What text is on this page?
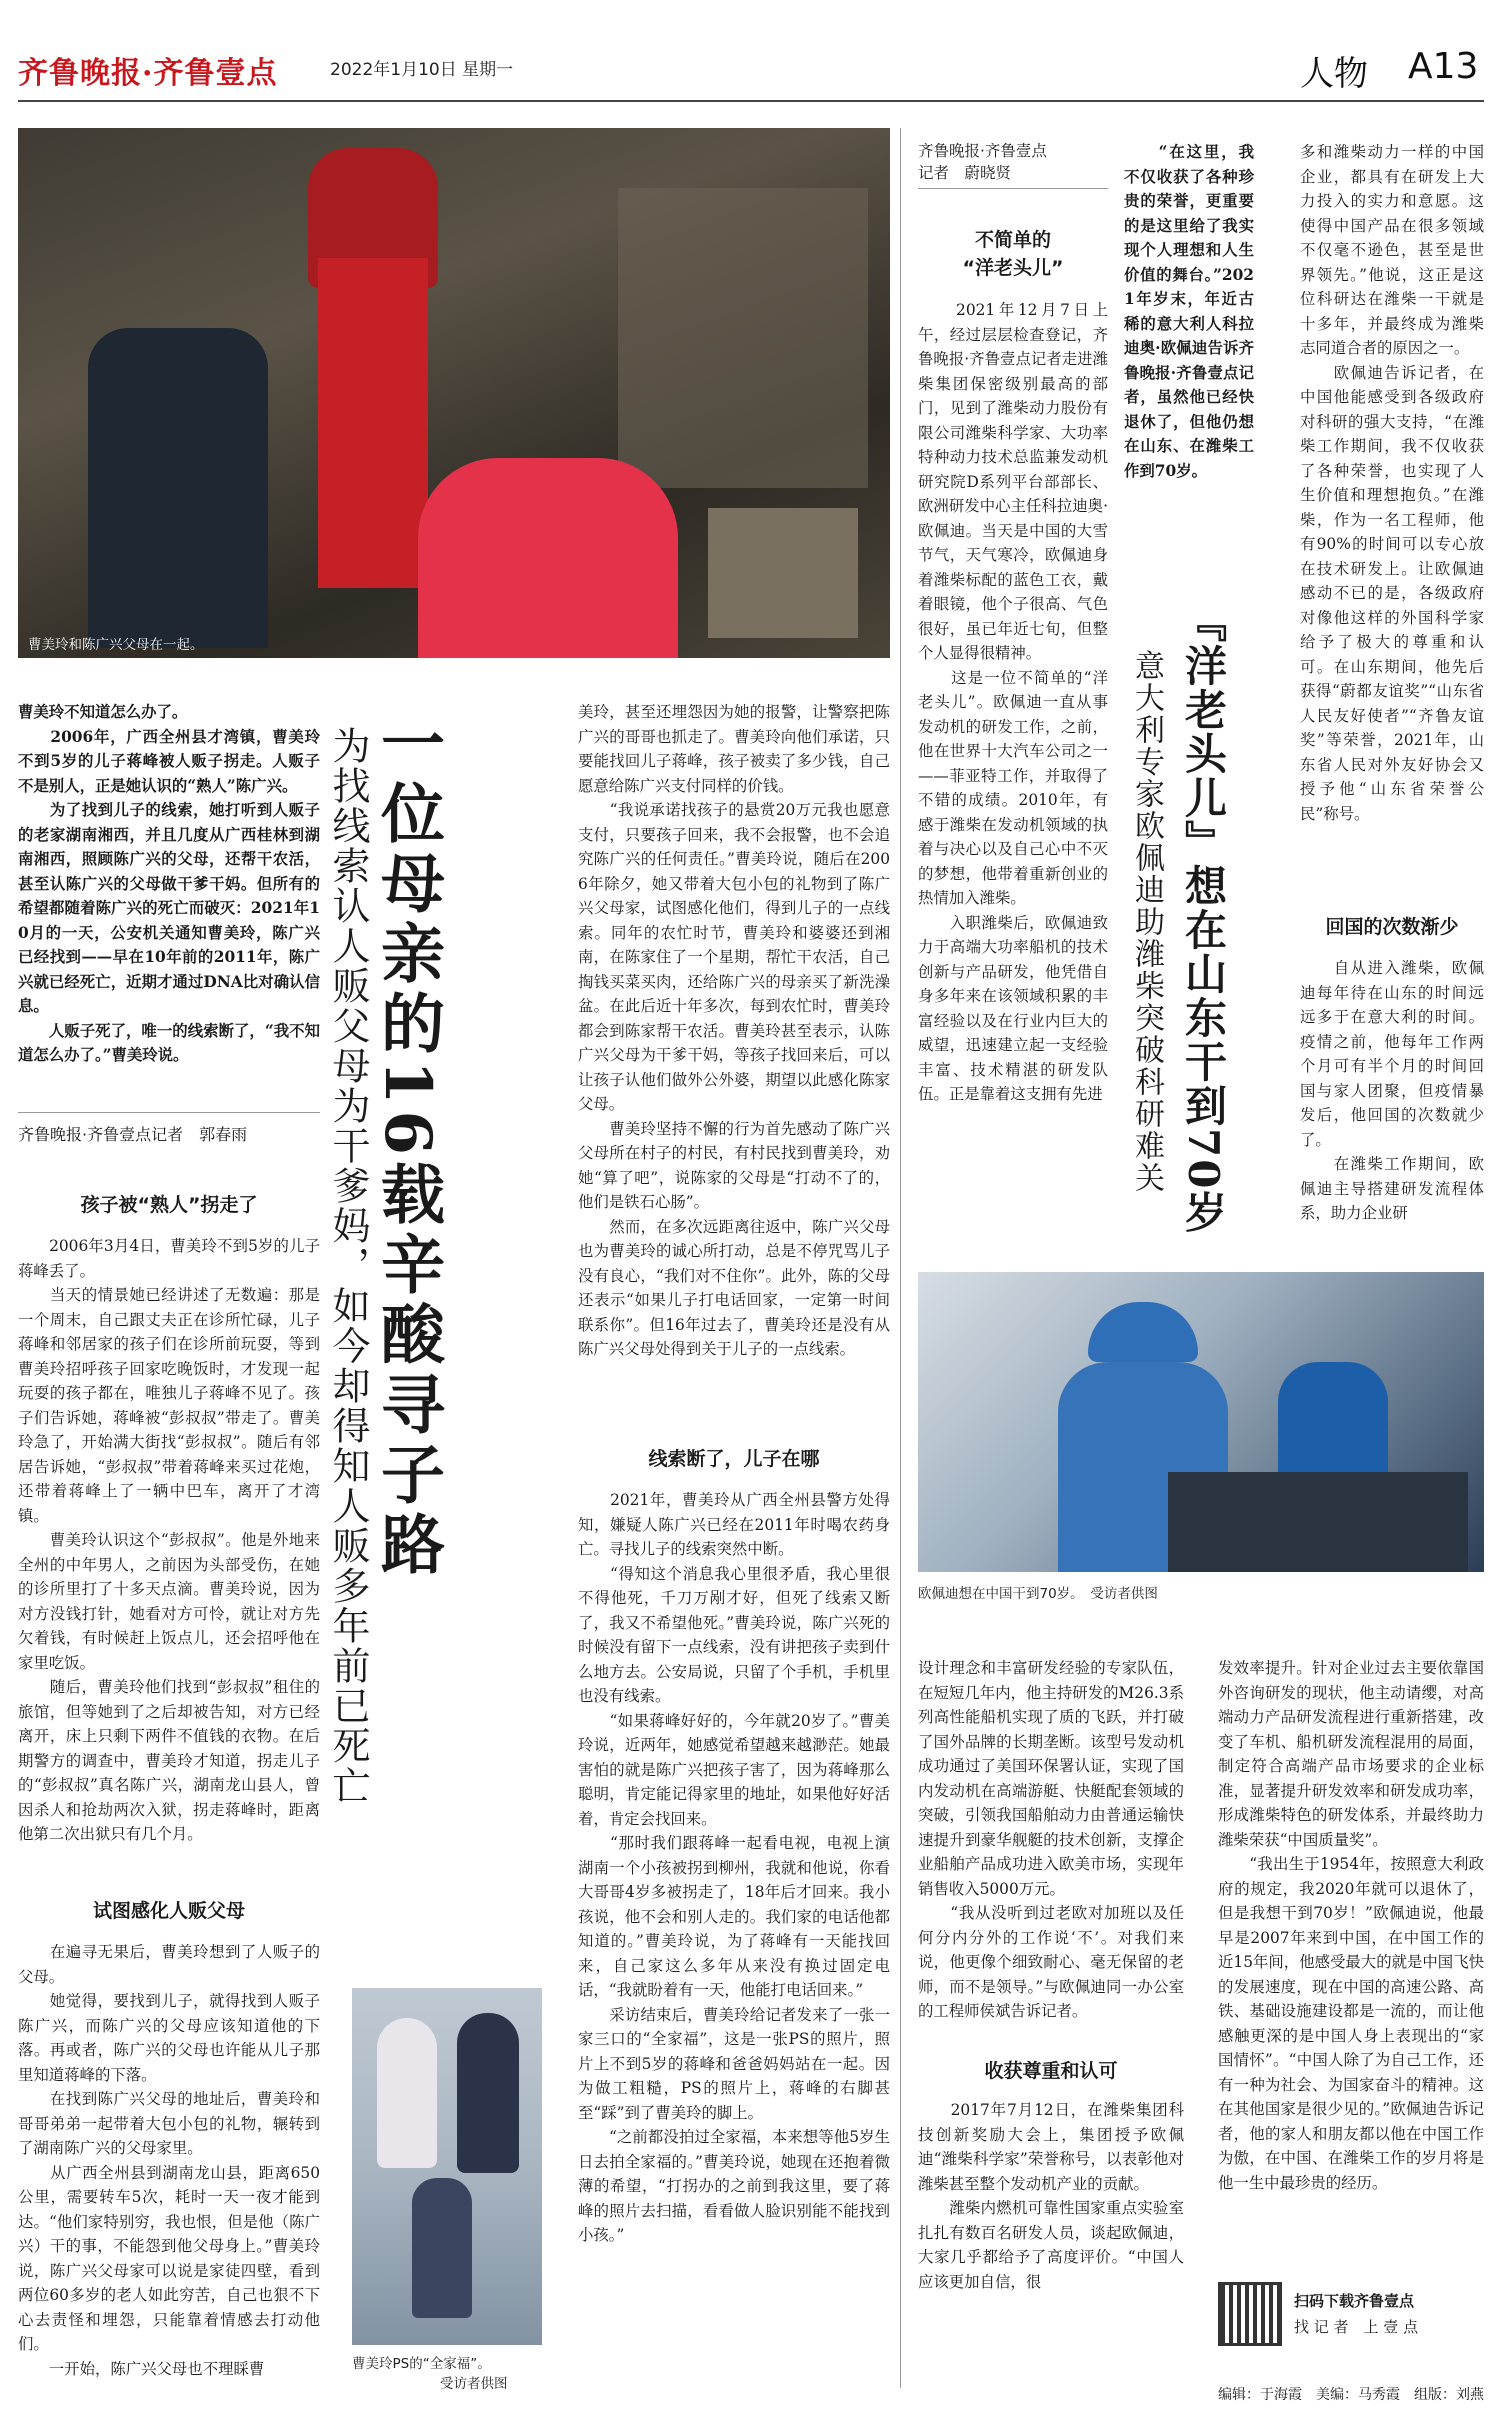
齐鲁晚报·齐鲁壹点	2022年1月10日 星期一	人物 A13
曹美玲和陈广兴父母在一起。
曹美玲不知道怎么办了。
　　2006年，广西全州县才湾镇，曹美玲不到5岁的儿子蒋峰被人贩子拐走。人贩子不是别人，正是她认识的“熟人”陈广兴。
　　为了找到儿子的线索，她打听到人贩子的老家湖南湘西，并且几度从广西桂林到湖南湘西，照顾陈广兴的父母，还帮干农活，甚至认陈广兴的父母做干爹干妈。但所有的希望都随着陈广兴的死亡而破灭：2021年10月的一天，公安机关通知曹美玲，陈广兴已经找到——早在10年前的2011年，陈广兴就已经死亡，近期才通过DNA比对确认信息。
　　人贩子死了，唯一的线索断了，“我不知道怎么办了。”曹美玲说。
齐鲁晚报·齐鲁壹点记者　郭春雨
孩子被“熟人”拐走了
　　2006年3月4日，曹美玲不到5岁的儿子蒋峰丢了。
　　当天的情景她已经讲述了无数遍：那是一个周末，自己跟丈夫正在诊所忙碌，儿子蒋峰和邻居家的孩子们在诊所前玩耍，等到曹美玲招呼孩子回家吃晚饭时，才发现一起玩耍的孩子都在，唯独儿子蒋峰不见了。孩子们告诉她，蒋峰被“彭叔叔”带走了。曹美玲急了，开始满大街找“彭叔叔”。随后有邻居告诉她，“彭叔叔”带着蒋峰来买过花炮，还带着蒋峰上了一辆中巴车，离开了才湾镇。
　　曹美玲认识这个“彭叔叔”。他是外地来全州的中年男人，之前因为头部受伤，在她的诊所里打了十多天点滴。曹美玲说，因为对方没钱打针，她看对方可怜，就让对方先欠着钱，有时候赶上饭点儿，还会招呼他在家里吃饭。
　　随后，曹美玲他们找到“彭叔叔”租住的旅馆，但等她到了之后却被告知，对方已经离开，床上只剩下两件不值钱的衣物。在后期警方的调查中，曹美玲才知道，拐走儿子的“彭叔叔”真名陈广兴，湖南龙山县人，曾因杀人和抢劫两次入狱，拐走蒋峰时，距离他第二次出狱只有几个月。
试图感化人贩父母
　　在遍寻无果后，曹美玲想到了人贩子的父母。
　　她觉得，要找到儿子，就得找到人贩子陈广兴，而陈广兴的父母应该知道他的下落。再或者，陈广兴的父母也许能从儿子那里知道蒋峰的下落。
　　在找到陈广兴父母的地址后，曹美玲和哥哥弟弟一起带着大包小包的礼物，辗转到了湖南陈广兴的父母家里。
　　从广西全州县到湖南龙山县，距离650公里，需要转车5次，耗时一天一夜才能到达。“他们家特别穷，我也恨，但是他（陈广兴）干的事，不能怨到他父母身上。”曹美玲说，陈广兴父母家可以说是家徒四壁，看到两位60多岁的老人如此穷苦，自己也狠不下心去责怪和埋怨，只能靠着情感去打动他们。
　　一开始，陈广兴父母也不理睬曹
一位母亲的16载辛酸寻子路
为找线索认人贩父母为干爹妈，如今却得知人贩多年前已死亡
曹美玲PS的“全家福”。
受访者供图
美玲，甚至还埋怨因为她的报警，让警察把陈广兴的哥哥也抓走了。曹美玲向他们承诺，只要能找回儿子蒋峰，孩子被卖了多少钱，自己愿意给陈广兴支付同样的价钱。
　　“我说承诺找孩子的悬赏20万元我也愿意支付，只要孩子回来，我不会报警，也不会追究陈广兴的任何责任。”曹美玲说，随后在2006年除夕，她又带着大包小包的礼物到了陈广兴父母家，试图感化他们，得到儿子的一点线索。同年的农忙时节，曹美玲和婆婆还到湘南，在陈家住了一个星期，帮忙干农活，自己掏钱买菜买肉，还给陈广兴的母亲买了新洗澡盆。在此后近十年多次，每到农忙时，曹美玲都会到陈家帮干农活。曹美玲甚至表示，认陈广兴父母为干爹干妈，等孩子找回来后，可以让孩子认他们做外公外婆，期望以此感化陈家父母。
　　曹美玲坚持不懈的行为首先感动了陈广兴父母所在村子的村民，有村民找到曹美玲，劝她“算了吧”，说陈家的父母是“打动不了的，他们是铁石心肠”。
　　然而，在多次远距离往返中，陈广兴父母也为曹美玲的诚心所打动，总是不停咒骂儿子没有良心，“我们对不住你”。此外，陈的父母还表示“如果儿子打电话回家，一定第一时间联系你”。但16年过去了，曹美玲还是没有从陈广兴父母处得到关于儿子的一点线索。
线索断了，儿子在哪
　　2021年，曹美玲从广西全州县警方处得知，嫌疑人陈广兴已经在2011年时喝农药身亡。寻找儿子的线索突然中断。
　　“得知这个消息我心里很矛盾，我心里很不得他死，千刀万剐才好，但死了线索又断了，我又不希望他死。”曹美玲说，陈广兴死的时候没有留下一点线索，没有讲把孩子卖到什么地方去。公安局说，只留了个手机，手机里也没有线索。
　　“如果蒋峰好好的，今年就20岁了。”曹美玲说，近两年，她感觉希望越来越渺茫。她最害怕的就是陈广兴把孩子害了，因为蒋峰那么聪明，肯定能记得家里的地址，如果他好好活着，肯定会找回来。
　　“那时我们跟蒋峰一起看电视，电视上演湖南一个小孩被拐到柳州，我就和他说，你看大哥哥4岁多被拐走了，18年后才回来。我小孩说，他不会和别人走的。我们家的电话他都知道的。”曹美玲说，为了蒋峰有一天能找回来，自己家这么多年从来没有换过固定电话，“我就盼着有一天，他能打电话回来。”
　　采访结束后，曹美玲给记者发来了一张一家三口的“全家福”，这是一张PS的照片，照片上不到5岁的蒋峰和爸爸妈妈站在一起。因为做工粗糙，PS的照片上，蒋峰的右脚甚至“踩”到了曹美玲的脚上。
　　“之前都没拍过全家福，本来想等他5岁生日去拍全家福的。”曹美玲说，她现在还抱着微薄的希望，“打拐办的之前到我这里，要了蒋峰的照片去扫描，看看做人脸识别能不能找到小孩。”
齐鲁晚报·齐鲁壹点
记者　蔚晓贤
不简单的
“洋老头儿”
　　2021年12月7日上午，经过层层检查登记，齐鲁晚报·齐鲁壹点记者走进潍柴集团保密级别最高的部门，见到了潍柴动力股份有限公司潍柴科学家、大功率特种动力技术总监兼发动机研究院D系列平台部部长、欧洲研发中心主任科拉迪奥·欧佩迪。当天是中国的大雪节气，天气寒冷，欧佩迪身着潍柴标配的蓝色工衣，戴着眼镜，他个子很高、气色很好，虽已年近七旬，但整个人显得很精神。
　　这是一位不简单的“洋老头儿”。欧佩迪一直从事发动机的研发工作，之前，他在世界十大汽车公司之一——菲亚特工作，并取得了不错的成绩。2010年，有感于潍柴在发动机领域的执着与决心以及自己心中不灭的梦想，他带着重新创业的热情加入潍柴。
　　入职潍柴后，欧佩迪致力于高端大功率船机的技术创新与产品研发，他凭借自身多年来在该领域积累的丰富经验以及在行业内巨大的威望，迅速建立起一支经验丰富、技术精湛的研发队伍。正是靠着这支拥有先进
　　“在这里，我不仅收获了各种珍贵的荣誉，更重要的是这里给了我实现个人理想和人生价值的舞台。”2021年岁末，年近古稀的意大利人科拉迪奥·欧佩迪告诉齐鲁晚报·齐鲁壹点记者，虽然他已经快退休了，但他仍想在山东、在潍柴工作到70岁。
『洋老头儿』想在山东干到70岁
意大利专家欧佩迪助潍柴突破科研难关
多和潍柴动力一样的中国企业，都具有在研发上大力投入的实力和意愿。这使得中国产品在很多领域不仅毫不逊色，甚至是世界领先。”他说，这正是这位科研达在潍柴一干就是十多年，并最终成为潍柴志同道合者的原因之一。
　　欧佩迪告诉记者，在中国他能感受到各级政府对科研的强大支持，“在潍柴工作期间，我不仅收获了各种荣誉，也实现了人生价值和理想抱负。”在潍柴，作为一名工程师，他有90%的时间可以专心放在技术研发上。让欧佩迪感动不已的是，各级政府对像他这样的外国科学家给予了极大的尊重和认可。在山东期间，他先后获得“蔚都友谊奖”“山东省人民友好使者”“齐鲁友谊奖”等荣誉，2021年，山东省人民对外友好协会又授予他“山东省荣誉公民”称号。
回国的次数渐少
　　自从进入潍柴，欧佩迪每年待在山东的时间远远多于在意大利的时间。疫情之前，他每年工作两个月可有半个月的时间回国与家人团聚，但疫情暴发后，他回国的次数就少了。
　　在潍柴工作期间，欧佩迪主导搭建研发流程体系，助力企业研
欧佩迪想在中国干到70岁。　受访者供图
设计理念和丰富研发经验的专家队伍，在短短几年内，他主持研发的M26.3系列高性能船机实现了质的飞跃，并打破了国外品牌的长期垄断。该型号发动机成功通过了美国环保署认证，实现了国内发动机在高端游艇、快艇配套领域的突破，引领我国船舶动力由普通运输快速提升到豪华舰艇的技术创新，支撑企业船舶产品成功进入欧美市场，实现年销售收入5000万元。
　　“我从没听到过老欧对加班以及任何分内分外的工作说‘不’。对我们来说，他更像个细致耐心、毫无保留的老师，而不是领导。”与欧佩迪同一办公室的工程师侯斌告诉记者。
收获尊重和认可
　　2017年7月12日，在潍柴集团科技创新奖励大会上，集团授予欧佩迪“潍柴科学家”荣誉称号，以表彰他对潍柴甚至整个发动机产业的贡献。
　　潍柴内燃机可靠性国家重点实验室扎扎有数百名研发人员，谈起欧佩迪，大家几乎都给予了高度评价。“中国人应该更加自信，很
发效率提升。针对企业过去主要依靠国外咨询研发的现状，他主动请缨，对高端动力产品研发流程进行重新搭建，改变了车机、船机研发流程混用的局面，制定符合高端产品市场要求的企业标准，显著提升研发效率和研发成功率，形成潍柴特色的研发体系，并最终助力潍柴荣获“中国质量奖”。
　　“我出生于1954年，按照意大利政府的规定，我2020年就可以退休了，但是我想干到70岁！”欧佩迪说，他最早是2007年来到中国，在中国工作的近15年间，他感受最大的就是中国飞快的发展速度，现在中国的高速公路、高铁、基础设施建设都是一流的，而让他感触更深的是中国人身上表现出的“家国情怀”。“中国人除了为自己工作，还有一种为社会、为国家奋斗的精神。这在其他国家是很少见的。”欧佩迪告诉记者，他的家人和朋友都以他在中国工作为傲，在中国、在潍柴工作的岁月将是他一生中最珍贵的经历。
扫码下载齐鲁壹点
找 记 者　上 壹 点
编辑：于海霞　美编：马秀霞　组版：刘燕
